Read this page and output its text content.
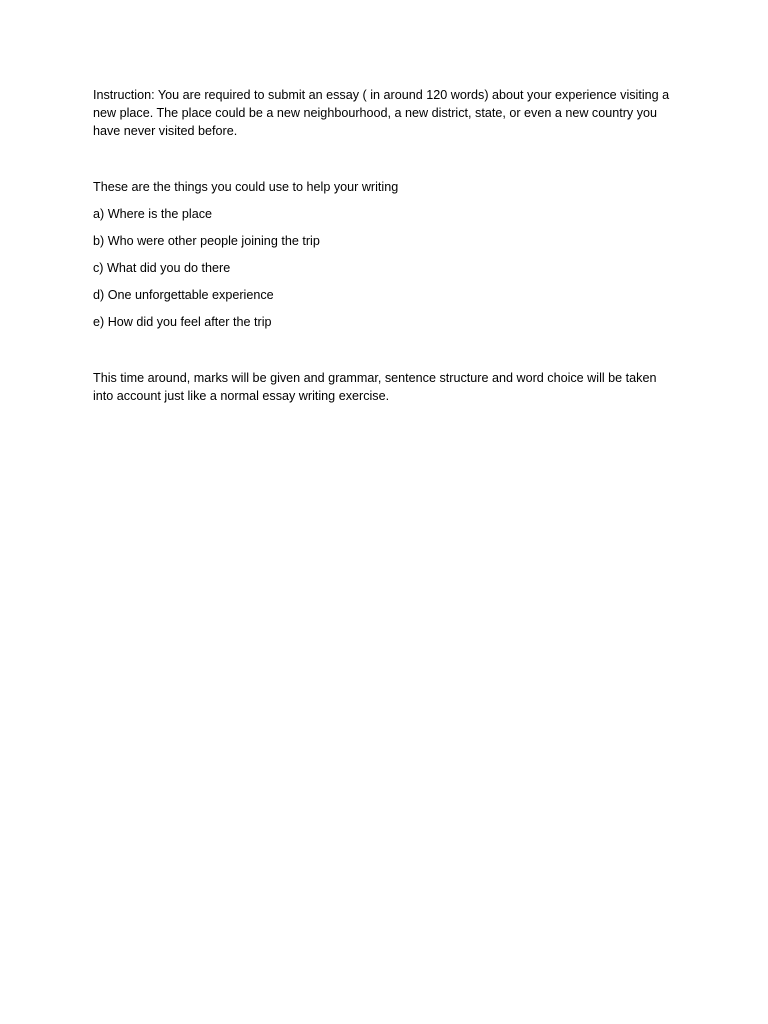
Instruction: You are required to submit an essay ( in around 120 words) about your experience visiting a new place. The place could be a new neighbourhood, a new district, state, or even a new country you have never visited before.

These are the things you could use to help your writing

a) Where is the place

b) Who were other people joining the trip

c) What did you do there

d) One unforgettable experience

e) How did you feel after the trip

This time around, marks will be given and grammar, sentence structure and word choice will be taken into account just like a normal essay writing exercise.
